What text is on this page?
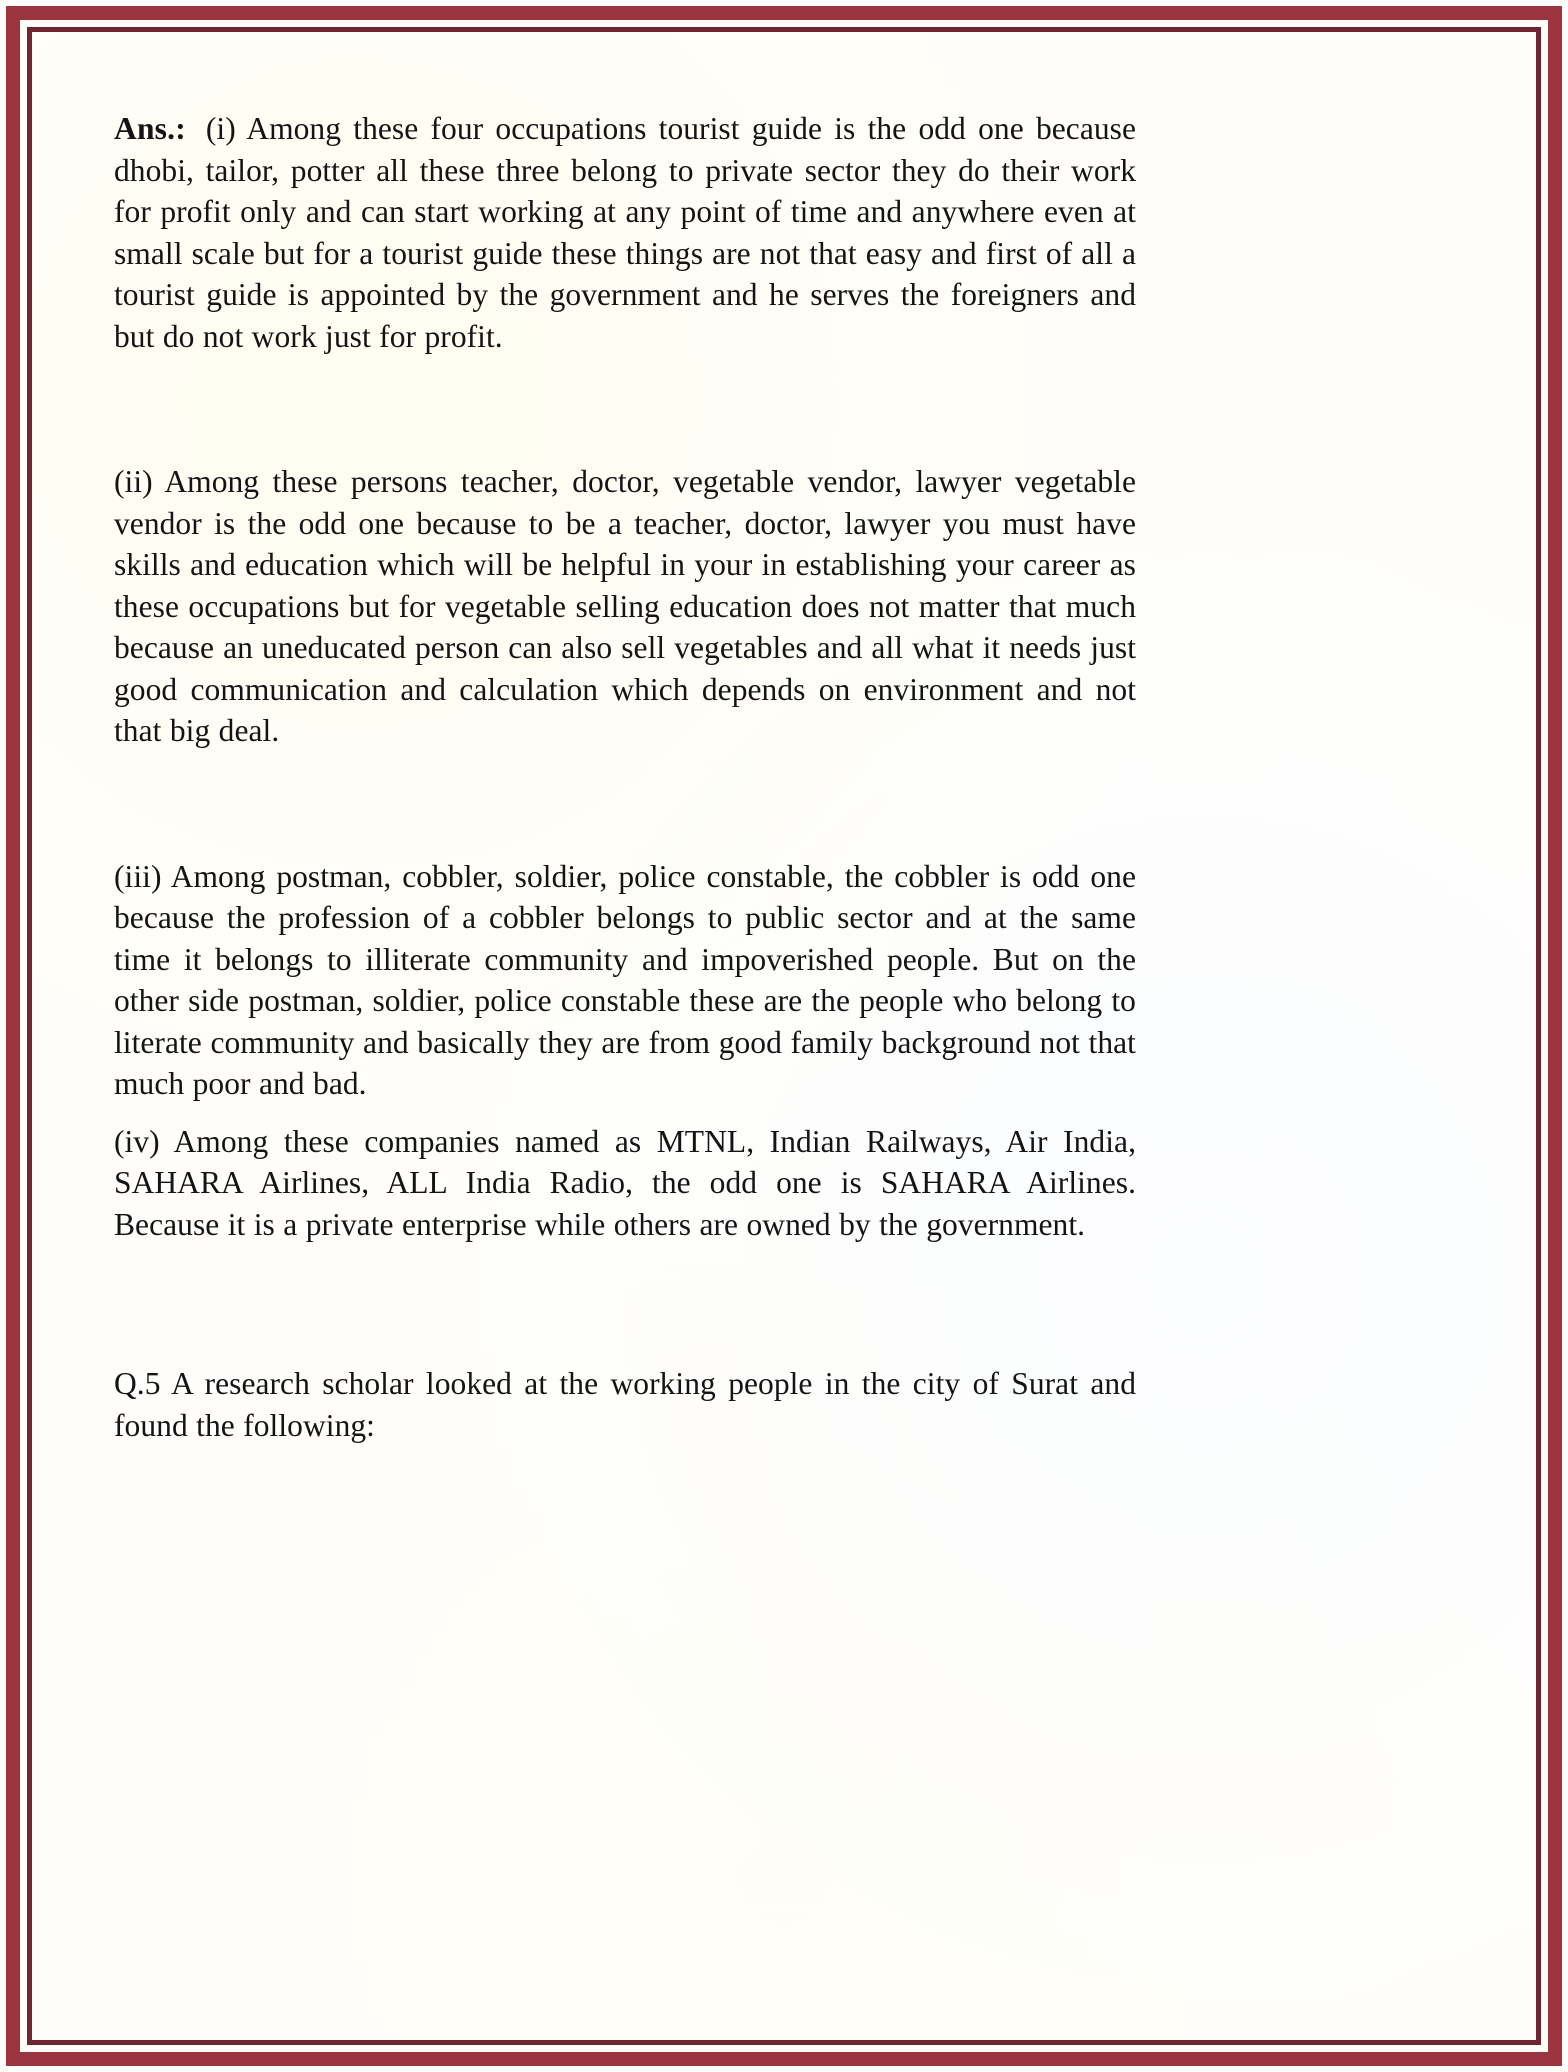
Ans.: (i) Among these four occupations tourist guide is the odd one because dhobi, tailor, potter all these three belong to private sector they do their work for profit only and can start working at any point of time and anywhere even at small scale but for a tourist guide these things are not that easy and first of all a tourist guide is appointed by the government and he serves the foreigners and but do not work just for profit.

(ii) Among these persons teacher, doctor, vegetable vendor, lawyer vegetable vendor is the odd one because to be a teacher, doctor, lawyer you must have skills and education which will be helpful in your in establishing your career as these occupations but for vegetable selling education does not matter that much because an uneducated person can also sell vegetables and all what it needs just good communication and calculation which depends on environment and not that big deal.

(iii) Among postman, cobbler, soldier, police constable, the cobbler is odd one because the profession of a cobbler belongs to public sector and at the same time it belongs to illiterate community and impoverished people. But on the other side postman, soldier, police constable these are the people who belong to literate community and basically they are from good family background not that much poor and bad.

(iv) Among these companies named as MTNL, Indian Railways, Air India, SAHARA Airlines, ALL India Radio, the odd one is SAHARA Airlines. Because it is a private enterprise while others are owned by the government.

Q.5 A research scholar looked at the working people in the city of Surat and found the following:
